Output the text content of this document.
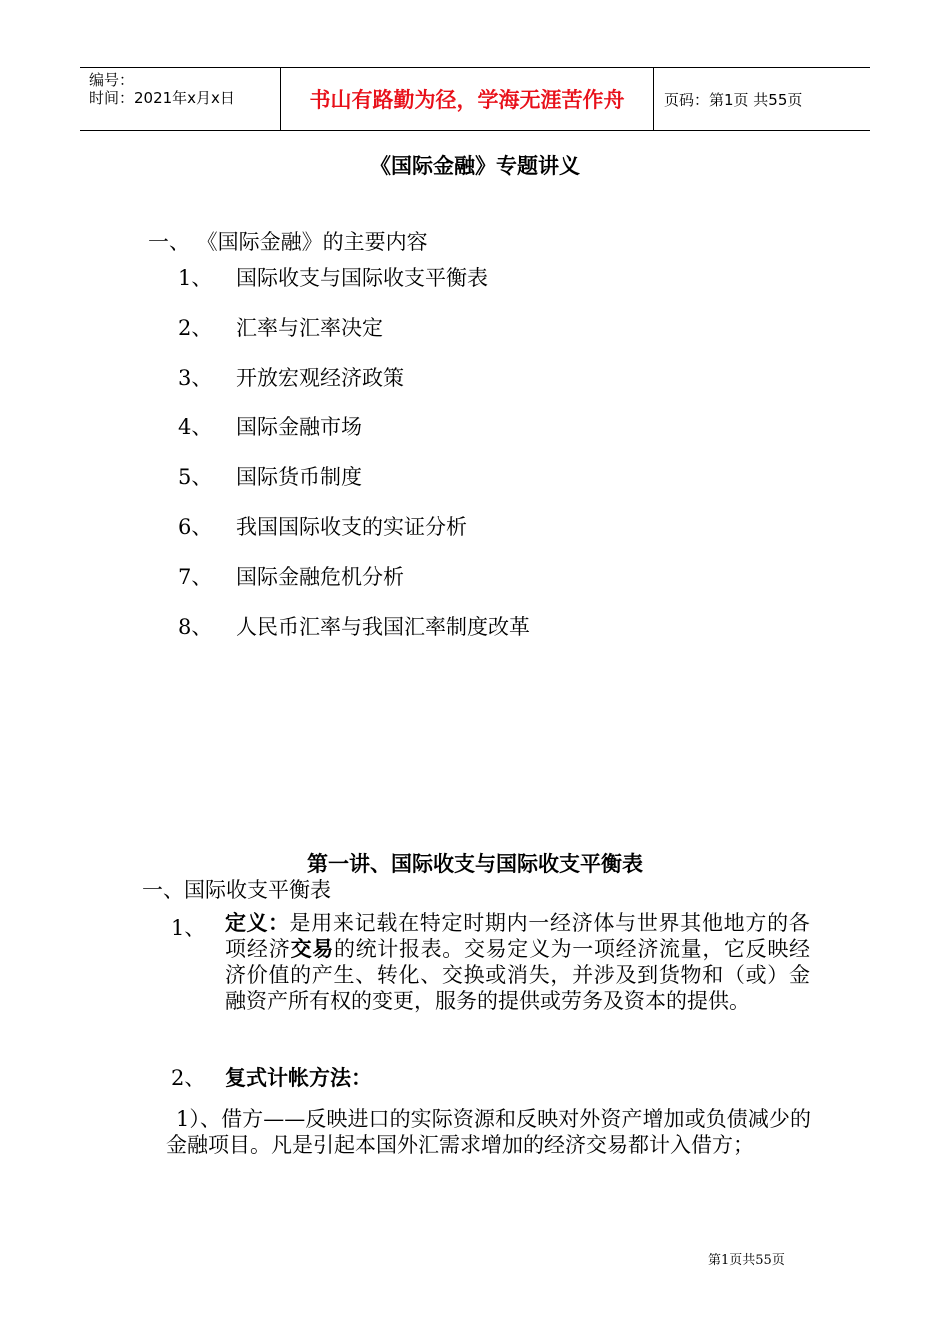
编号：
时间：2021年x月x日	书山有路勤为径，学海无涯苦作舟	页码：第1页 共55页
《国际金融》专题讲义
一、 《国际金融》的主要内容
1、 国际收支与国际收支平衡表
2、 汇率与汇率决定
3、 开放宏观经济政策
4、 国际金融市场
5、 国际货币制度
6、 我国国际收支的实证分析
7、 国际金融危机分析
8、 人民币汇率与我国汇率制度改革
第一讲、国际收支与国际收支平衡表
一、国际收支平衡表
1、 定义：是用来记载在特定时期内一经济体与世界其他地方的各项经济交易的统计报表。交易定义为一项经济流量，它反映经济价值的产生、转化、交换或消失，并涉及到货物和（或）金融资产所有权的变更，服务的提供或劳务及资本的提供。
2、 复式计帐方法：
1）、借方——反映进口的实际资源和反映对外资产增加或负债减少的金融项目。凡是引起本国外汇需求增加的经济交易都计入借方；
第1页共55页
